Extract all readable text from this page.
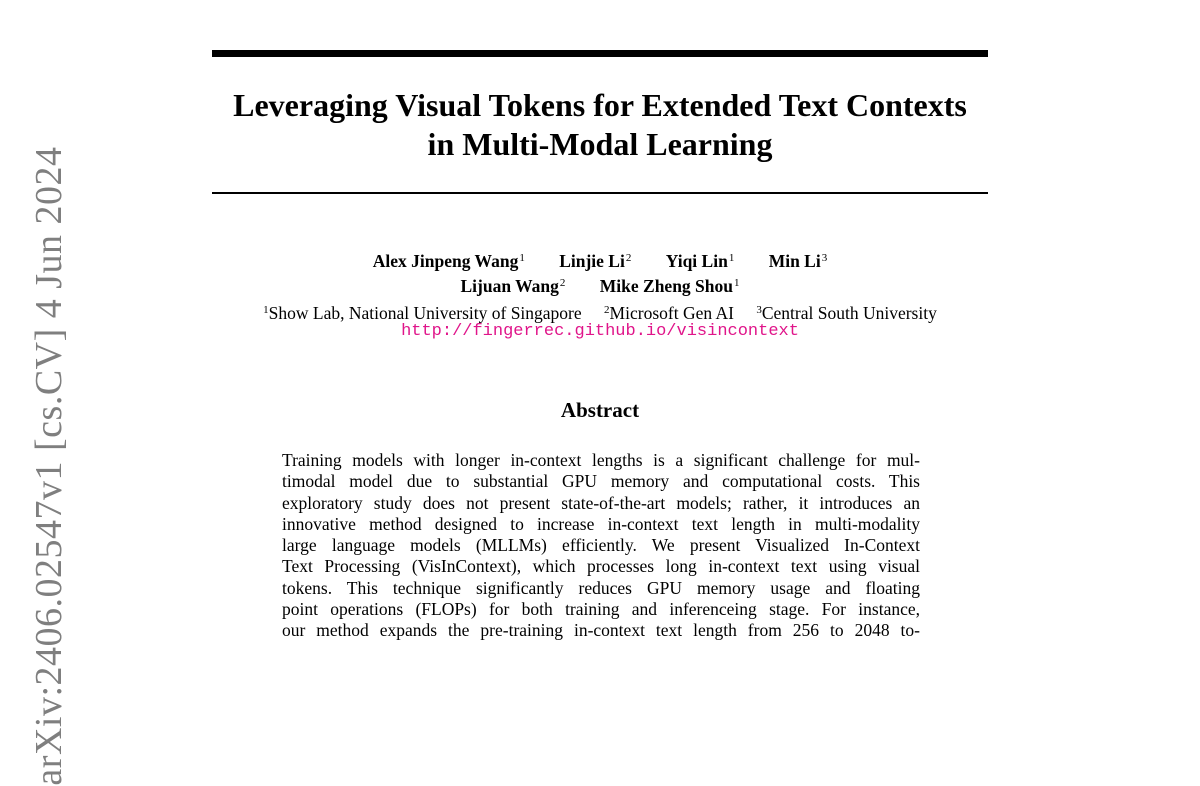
arXiv:2406.02547v1 [cs.CV] 4 Jun 2024
Leveraging Visual Tokens for Extended Text Contexts
in Multi-Modal Learning
Alex Jinpeng Wang$^1$ Linjie Li$^2$ Yiqi Lin$^1$ Min Li$^3$
Lijuan Wang$^2$ Mike Zheng Shou$^1$
$^1$Show Lab, National University of Singapore $^2$Microsoft Gen AI $^3$Central South University
http://fingerrec.github.io/visincontext
Abstract
Training models with longer in-context lengths is a significant challenge for mul-
timodal model due to substantial GPU memory and computational costs. This
exploratory study does not present state-of-the-art models; rather, it introduces an
innovative method designed to increase in-context text length in multi-modality
large language models (MLLMs) efficiently. We present Visualized In-Context
Text Processing (VisInContext), which processes long in-context text using visual
tokens. This technique significantly reduces GPU memory usage and floating
point operations (FLOPs) for both training and inferenceing stage. For instance,
our method expands the pre-training in-context text length from 256 to 2048 to-
